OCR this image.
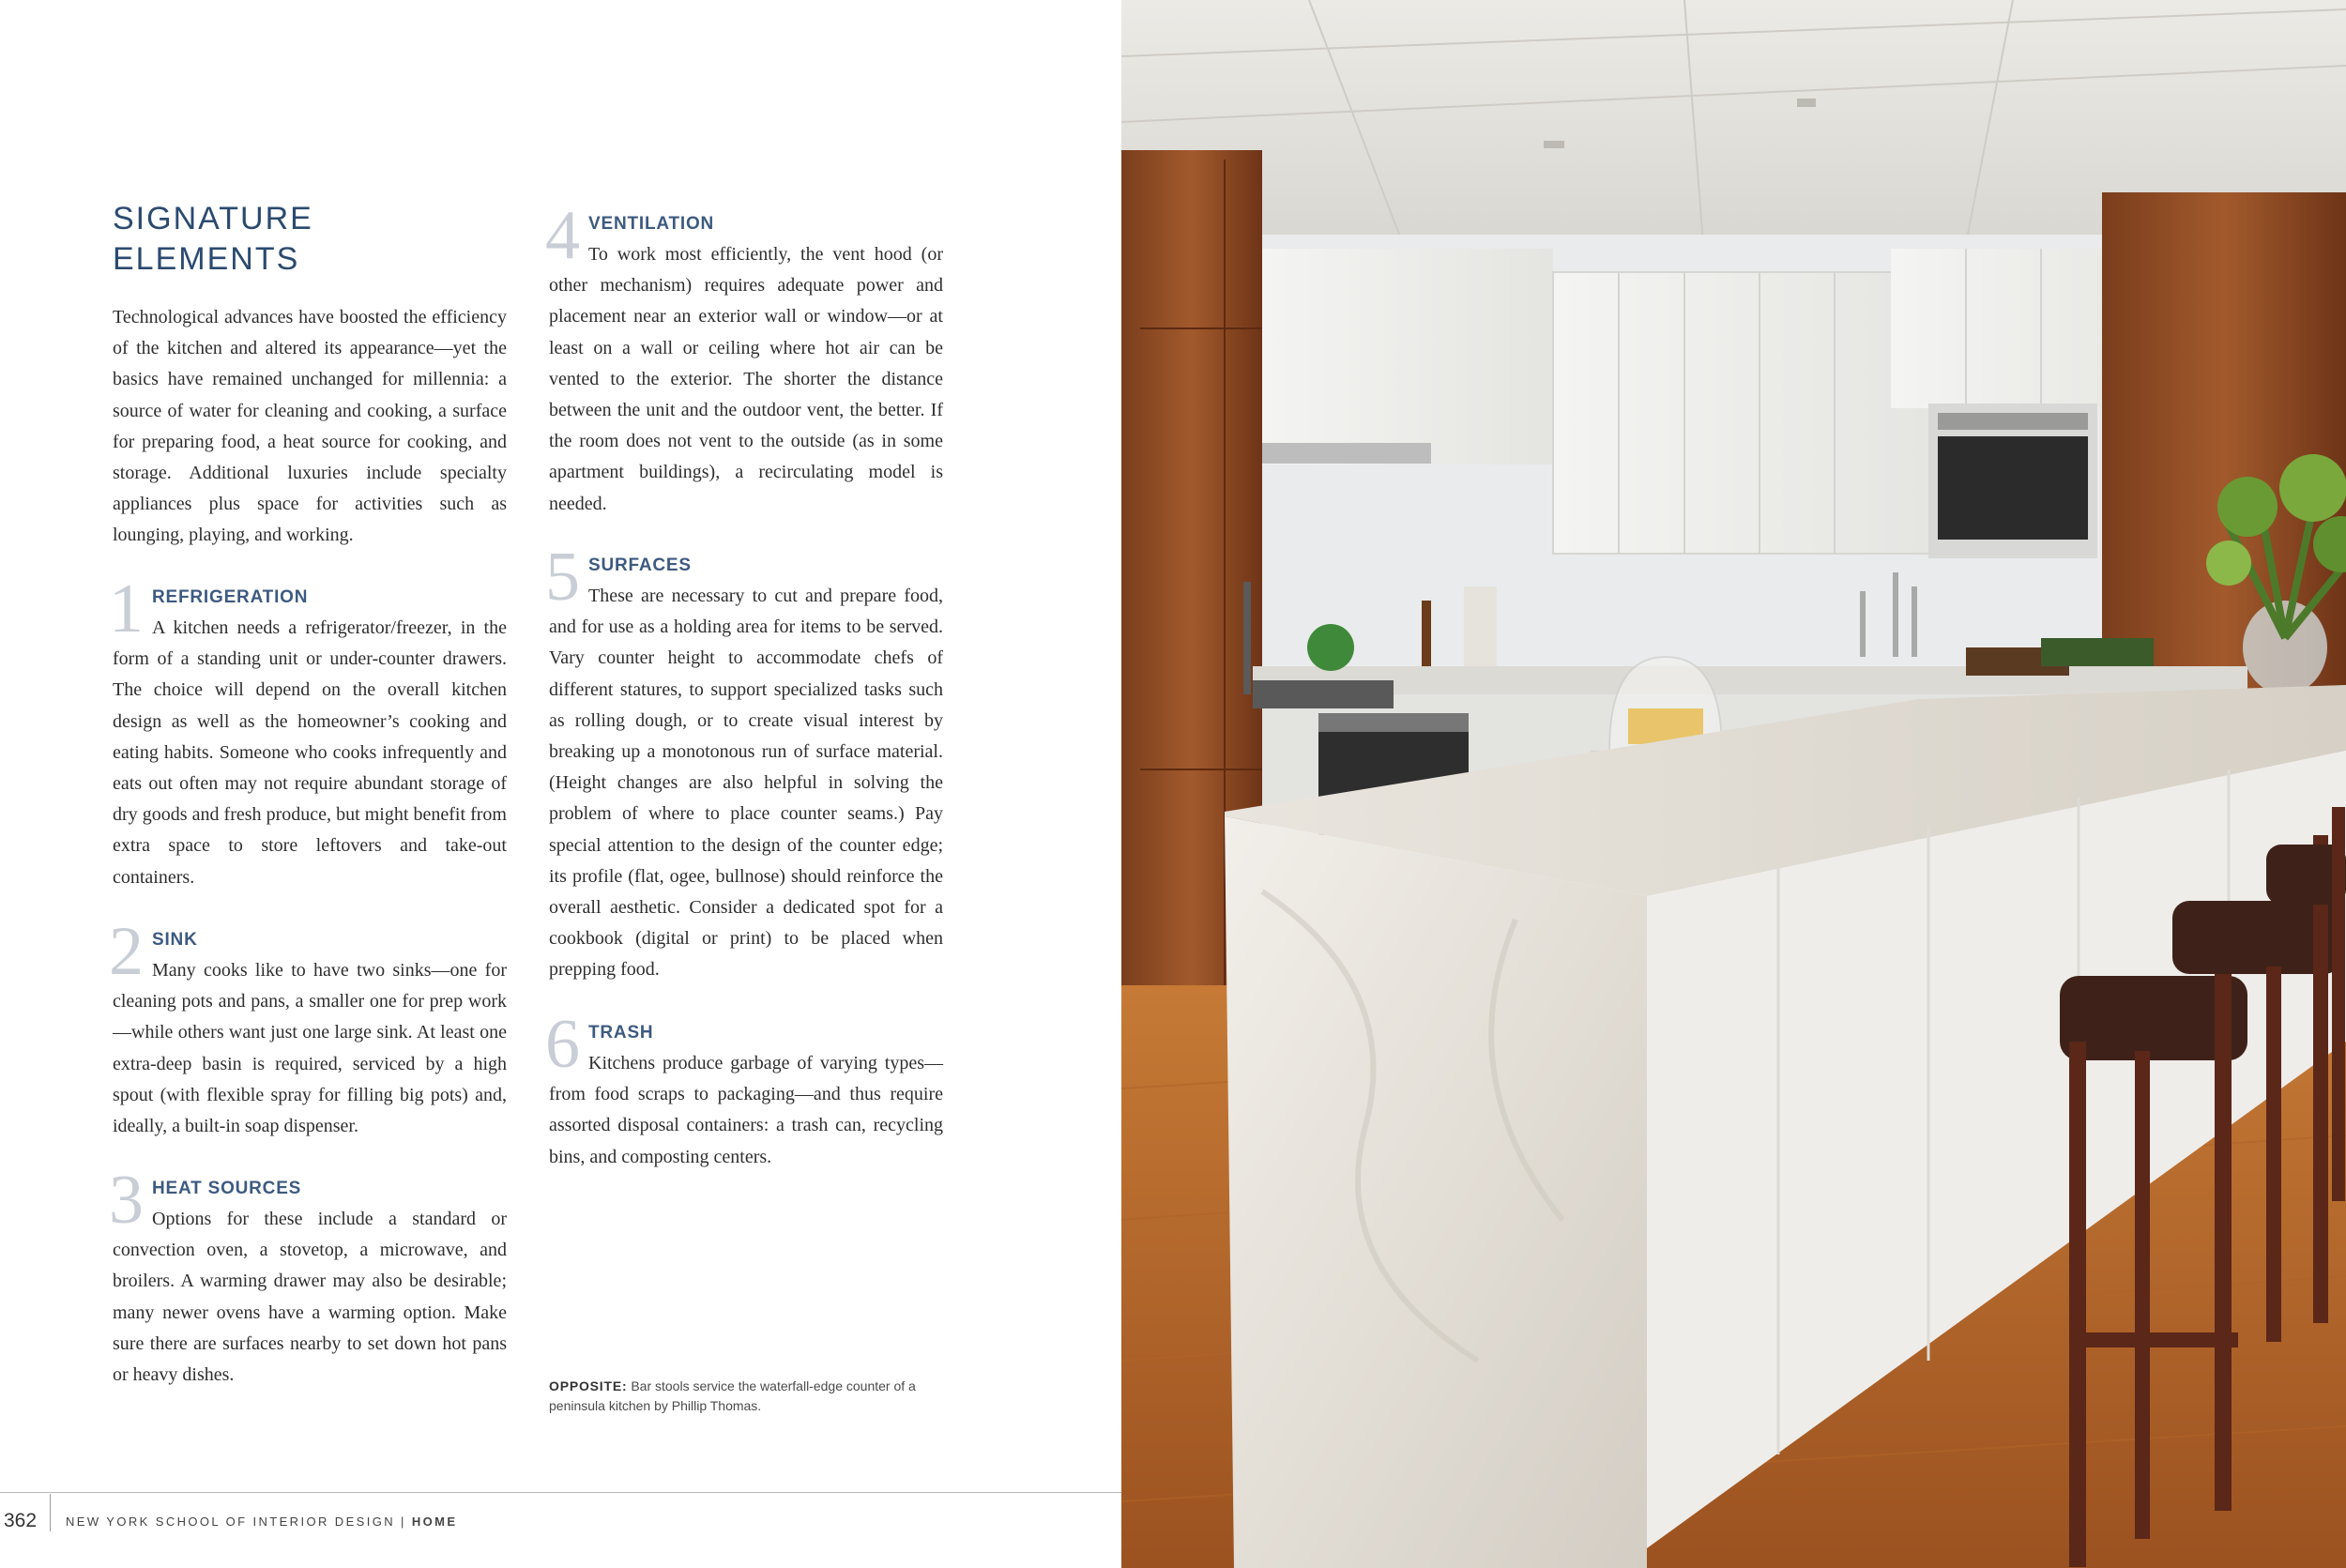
SIGNATURE ELEMENTS

Technological advances have boosted the efficiency of the kitchen and altered its appearance—yet the basics have remained unchanged for millennia: a source of water for cleaning and cooking, a surface for preparing food, a heat source for cooking, and storage. Additional luxuries include specialty appliances plus space for activities such as lounging, playing, and working.

1 REFRIGERATION

A kitchen needs a refrigerator/freezer, in the form of a standing unit or under-counter drawers. The choice will depend on the overall kitchen design as well as the homeowner’s cooking and eating habits. Someone who cooks infrequently and eats out often may not require abundant storage of dry goods and fresh produce, but might benefit from extra space to store leftovers and take-out containers.

2 SINK

Many cooks like to have two sinks—one for cleaning pots and pans, a smaller one for prep work—while others want just one large sink. At least one extra-deep basin is required, serviced by a high spout (with flexible spray for filling big pots) and, ideally, a built-in soap dispenser.

3 HEAT SOURCES

Options for these include a standard or convection oven, a stovetop, a microwave, and broilers. A warming drawer may also be desirable; many newer ovens have a warming option. Make sure there are surfaces nearby to set down hot pans or heavy dishes.

4 VENTILATION

To work most efficiently, the vent hood (or other mechanism) requires adequate power and placement near an exterior wall or window—or at least on a wall or ceiling where hot air can be vented to the exterior. The shorter the distance between the unit and the outdoor vent, the better. If the room does not vent to the outside (as in some apartment buildings), a recirculating model is needed.

5 SURFACES

These are necessary to cut and prepare food, and for use as a holding area for items to be served. Vary counter height to accommodate chefs of different statures, to support specialized tasks such as rolling dough, or to create visual interest by breaking up a monotonous run of surface material. (Height changes are also helpful in solving the problem of where to place counter seams.) Pay special attention to the design of the counter edge; its profile (flat, ogee, bullnose) should reinforce the overall aesthetic. Consider a dedicated spot for a cookbook (digital or print) to be placed when prepping food.

6 TRASH

Kitchens produce garbage of varying types—from food scraps to packaging—and thus require assorted disposal containers: a trash can, recycling bins, and composting centers.

OPPOSITE: Bar stools service the waterfall-edge counter of a peninsula kitchen by Phillip Thomas.

362 NEW YORK SCHOOL OF INTERIOR DESIGN | HOME
